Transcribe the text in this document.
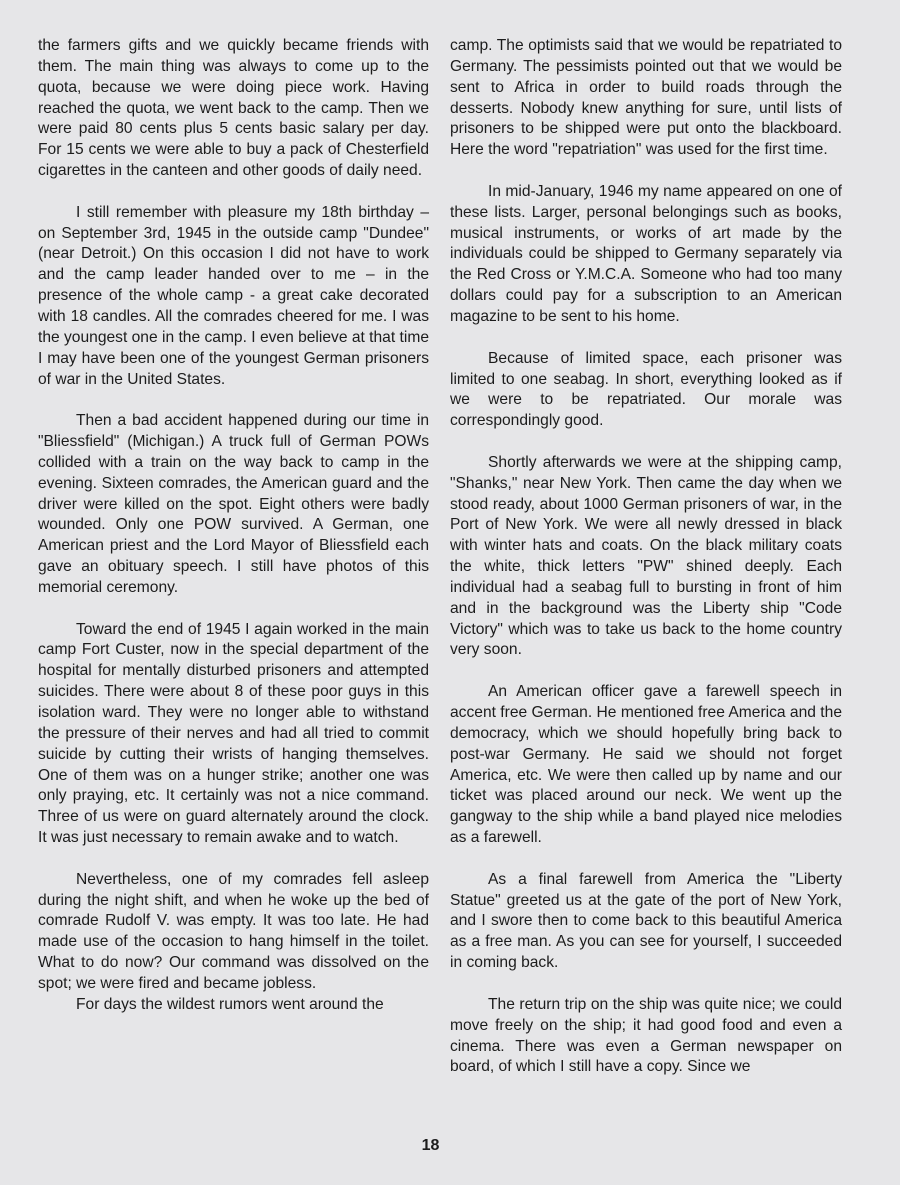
the farmers gifts and we quickly became friends with them. The main thing was always to come up to the quota, because we were doing piece work. Having reached the quota, we went back to the camp. Then we were paid 80 cents plus 5 cents basic salary per day. For 15 cents we were able to buy a pack of Chesterfield cigarettes in the canteen and other goods of daily need.

I still remember with pleasure my 18th birthday – on September 3rd, 1945 in the outside camp "Dundee" (near Detroit.) On this occasion I did not have to work and the camp leader handed over to me – in the presence of the whole camp - a great cake decorated with 18 candles. All the comrades cheered for me. I was the youngest one in the camp. I even believe at that time I may have been one of the youngest German prisoners of war in the United States.

Then a bad accident happened during our time in "Bliessfield" (Michigan.) A truck full of German POWs collided with a train on the way back to camp in the evening. Sixteen comrades, the American guard and the driver were killed on the spot. Eight others were badly wounded. Only one POW survived. A German, one American priest and the Lord Mayor of Bliessfield each gave an obituary speech. I still have photos of this memorial ceremony.

Toward the end of 1945 I again worked in the main camp Fort Custer, now in the special department of the hospital for mentally disturbed prisoners and attempted suicides. There were about 8 of these poor guys in this isolation ward. They were no longer able to withstand the pressure of their nerves and had all tried to commit suicide by cutting their wrists of hanging themselves. One of them was on a hunger strike; another one was only praying, etc. It certainly was not a nice command. Three of us were on guard alternately around the clock. It was just necessary to remain awake and to watch.

Nevertheless, one of my comrades fell asleep during the night shift, and when he woke up the bed of comrade Rudolf V. was empty. It was too late. He had made use of the occasion to hang himself in the toilet. What to do now? Our command was dissolved on the spot; we were fired and became jobless.

For days the wildest rumors went around the

camp. The optimists said that we would be repatriated to Germany. The pessimists pointed out that we would be sent to Africa in order to build roads through the desserts. Nobody knew anything for sure, until lists of prisoners to be shipped were put onto the blackboard. Here the word "repatriation" was used for the first time.

In mid-January, 1946 my name appeared on one of these lists. Larger, personal belongings such as books, musical instruments, or works of art made by the individuals could be shipped to Germany separately via the Red Cross or Y.M.C.A. Someone who had too many dollars could pay for a subscription to an American magazine to be sent to his home.

Because of limited space, each prisoner was limited to one seabag. In short, everything looked as if we were to be repatriated. Our morale was correspondingly good.

Shortly afterwards we were at the shipping camp, "Shanks," near New York. Then came the day when we stood ready, about 1000 German prisoners of war, in the Port of New York. We were all newly dressed in black with winter hats and coats. On the black military coats the white, thick letters "PW" shined deeply. Each individual had a seabag full to bursting in front of him and in the background was the Liberty ship "Code Victory" which was to take us back to the home country very soon.

An American officer gave a farewell speech in accent free German. He mentioned free America and the democracy, which we should hopefully bring back to post-war Germany. He said we should not forget America, etc. We were then called up by name and our ticket was placed around our neck. We went up the gangway to the ship while a band played nice melodies as a farewell.

As a final farewell from America the "Liberty Statue" greeted us at the gate of the port of New York, and I swore then to come back to this beautiful America as a free man. As you can see for yourself, I succeeded in coming back.

The return trip on the ship was quite nice; we could move freely on the ship; it had good food and even a cinema. There was even a German newspaper on board, of which I still have a copy. Since we

18
